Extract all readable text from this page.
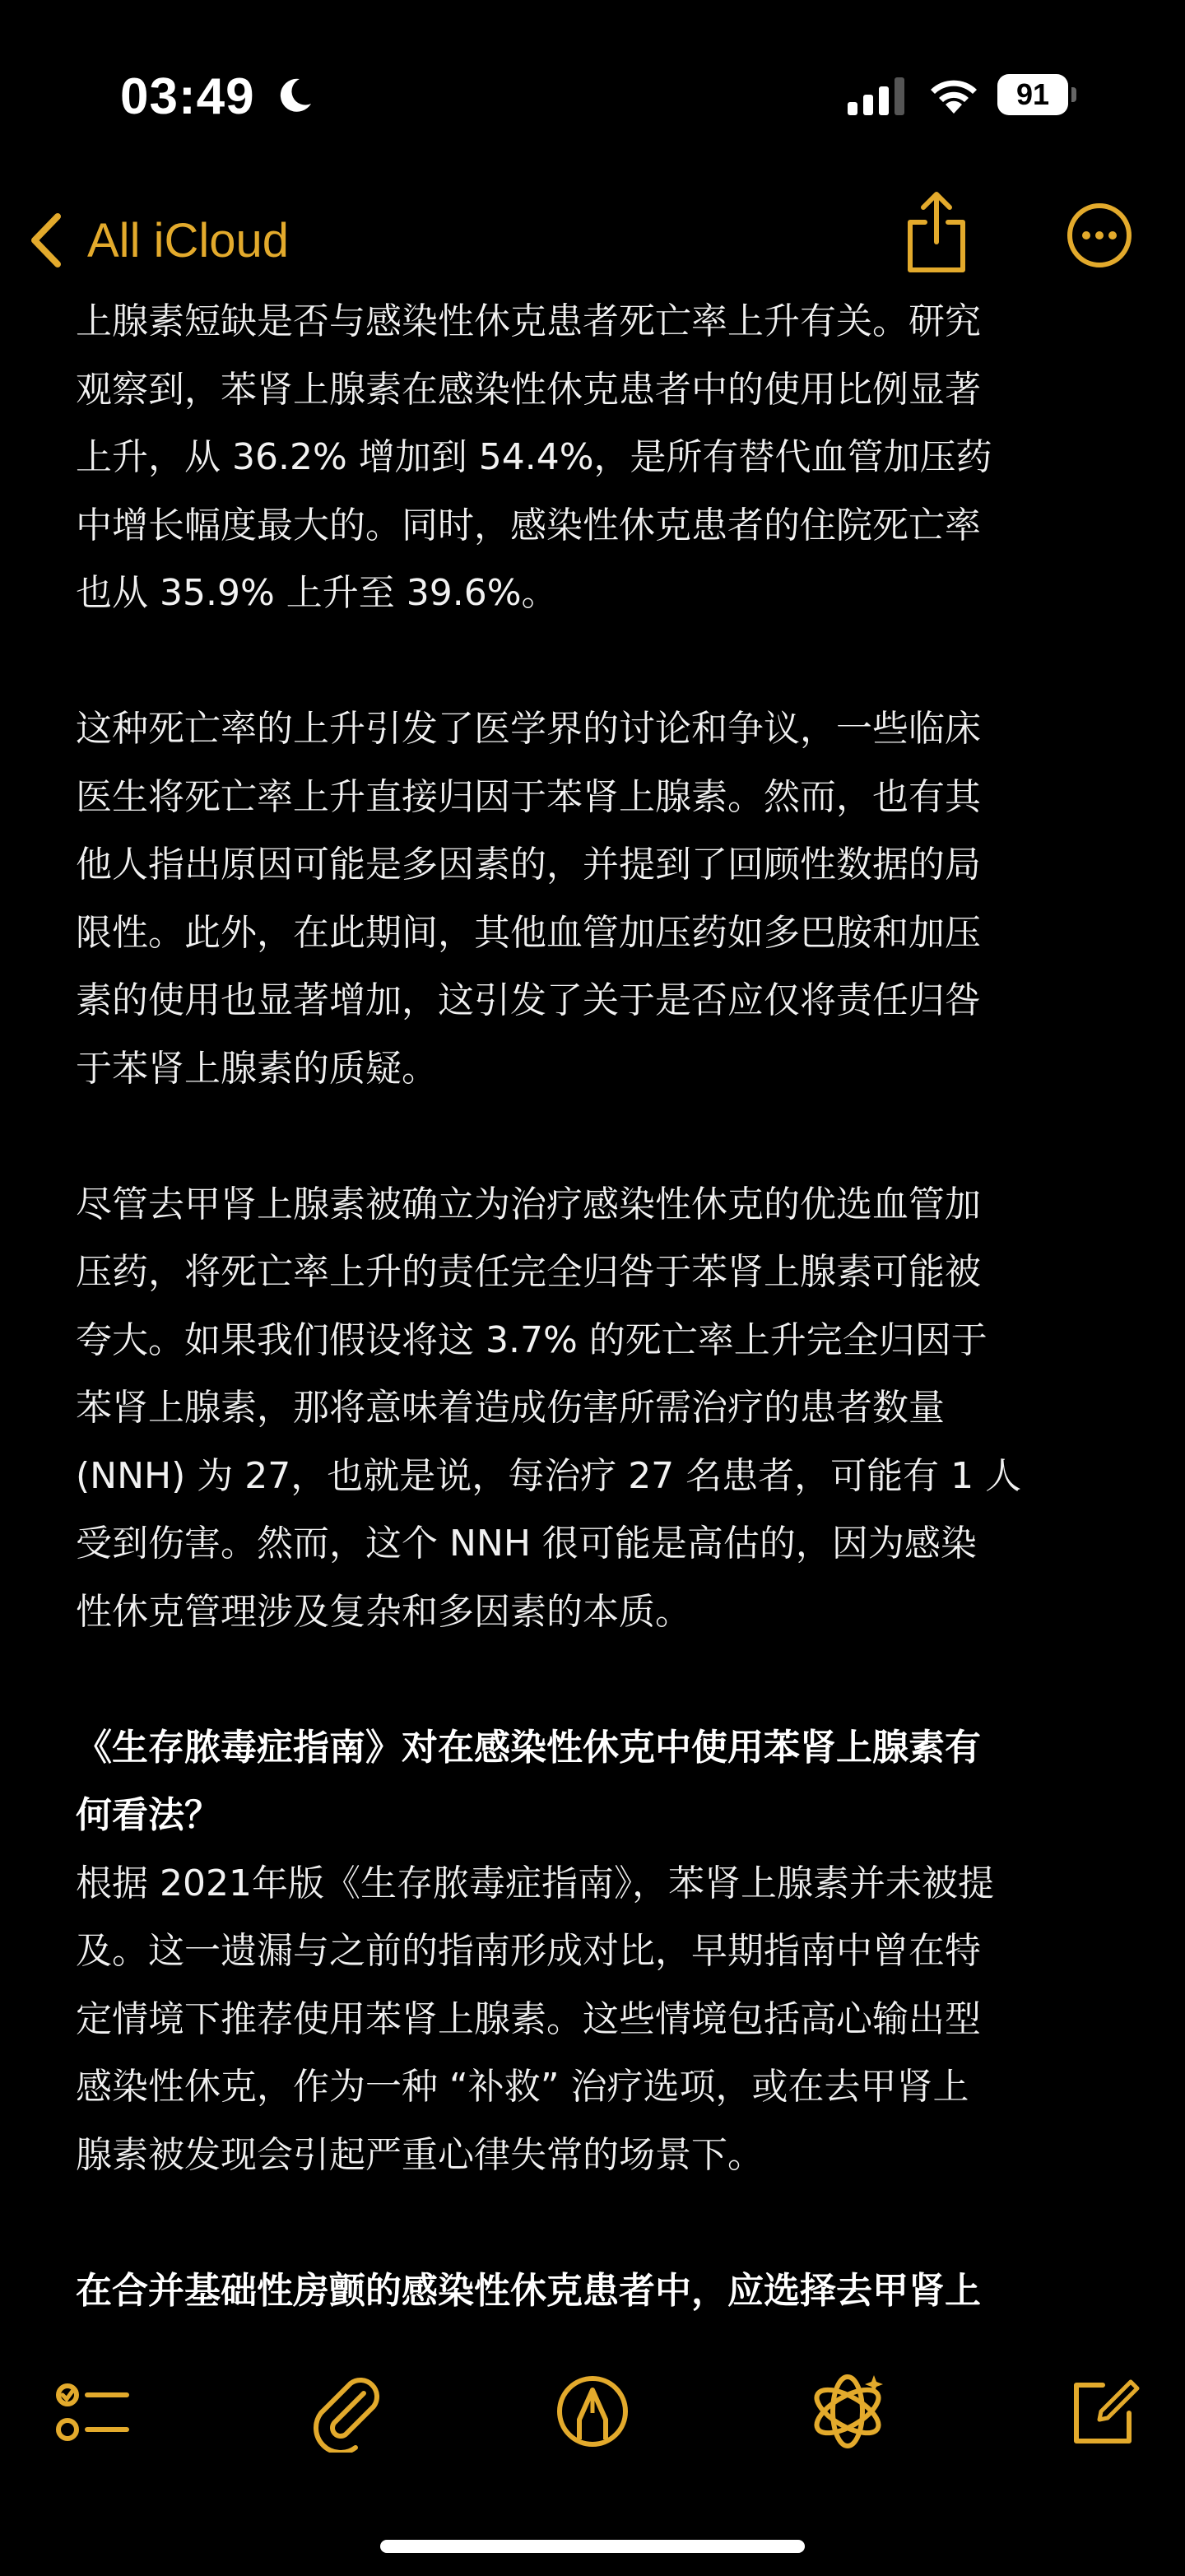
03:49	91
All iCloud
上腺素短缺是否与感染性休克患者死亡率上升有关。研究
观察到，苯肾上腺素在感染性休克患者中的使用比例显著
上升，从 36.2% 增加到 54.4%，是所有替代血管加压药
中增长幅度最大的。同时，感染性休克患者的住院死亡率
也从 35.9% 上升至 39.6%。
这种死亡率的上升引发了医学界的讨论和争议，一些临床
医生将死亡率上升直接归因于苯肾上腺素。然而，也有其
他人指出原因可能是多因素的，并提到了回顾性数据的局
限性。此外，在此期间，其他血管加压药如多巴胺和加压
素的使用也显著增加，这引发了关于是否应仅将责任归咎
于苯肾上腺素的质疑。
尽管去甲肾上腺素被确立为治疗感染性休克的优选血管加
压药，将死亡率上升的责任完全归咎于苯肾上腺素可能被
夸大。如果我们假设将这 3.7% 的死亡率上升完全归因于
苯肾上腺素，那将意味着造成伤害所需治疗的患者数量
(NNH) 为 27，也就是说，每治疗 27 名患者，可能有 1 人
受到伤害。然而，这个 NNH 很可能是高估的，因为感染
性休克管理涉及复杂和多因素的本质。
《生存脓毒症指南》对在感染性休克中使用苯肾上腺素有
何看法？
根据 2021年版《生存脓毒症指南》，苯肾上腺素并未被提
及。这一遗漏与之前的指南形成对比，早期指南中曾在特
定情境下推荐使用苯肾上腺素。这些情境包括高心输出型
感染性休克，作为一种 “补救” 治疗选项，或在去甲肾上
腺素被发现会引起严重心律失常的场景下。
在合并基础性房颤的感染性休克患者中，应选择去甲肾上
